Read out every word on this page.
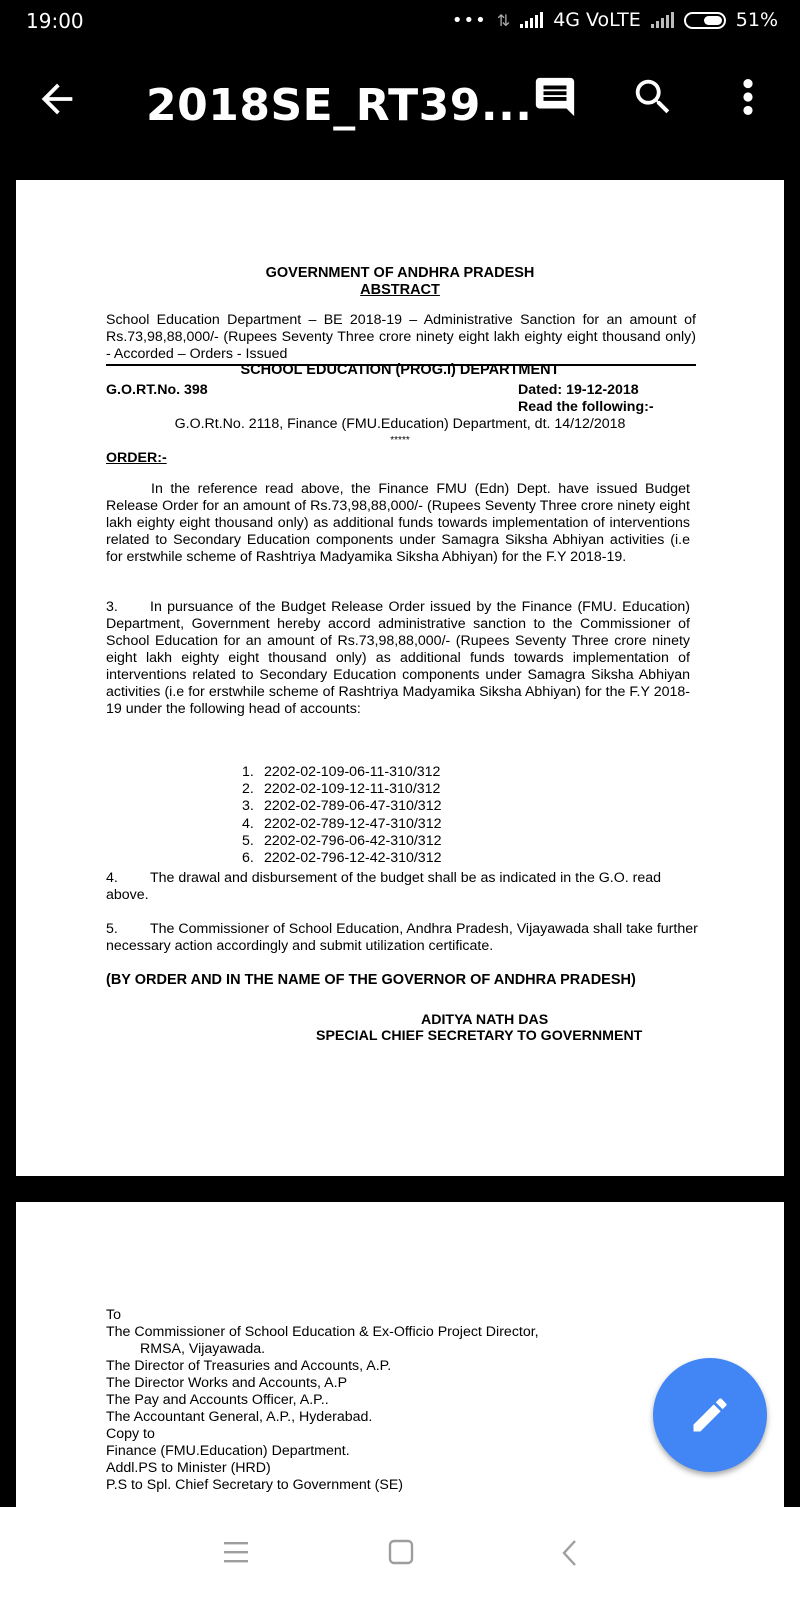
19:00	••• ⇅ 4G VoLTE	51%
2018SE_RT39...
GOVERNMENT OF ANDHRA PRADESH
ABSTRACT
School Education Department – BE 2018-19 – Administrative Sanction for an amount of Rs.73,98,88,000/- (Rupees Seventy Three crore ninety eight lakh eighty eight thousand only) - Accorded – Orders - Issued
SCHOOL EDUCATION (PROG.I) DEPARTMENT
G.O.RT.No. 398	Dated: 19-12-2018
Read the following:-
G.O.Rt.No. 2118, Finance (FMU.Education) Department, dt. 14/12/2018
*****
ORDER:-
In the reference read above, the Finance FMU (Edn) Dept. have issued Budget Release Order for an amount of Rs.73,98,88,000/- (Rupees Seventy Three crore ninety eight lakh eighty eight thousand only) as additional funds towards implementation of interventions related to Secondary Education components under Samagra Siksha Abhiyan activities (i.e for erstwhile scheme of Rashtriya Madyamika Siksha Abhiyan) for the F.Y 2018-19.
3. In pursuance of the Budget Release Order issued by the Finance (FMU. Education) Department, Government hereby accord administrative sanction to the Commissioner of School Education for an amount of Rs.73,98,88,000/- (Rupees Seventy Three crore ninety eight lakh eighty eight thousand only) as additional funds towards implementation of interventions related to Secondary Education components under Samagra Siksha Abhiyan activities (i.e for erstwhile scheme of Rashtriya Madyamika Siksha Abhiyan) for the F.Y 2018-19 under the following head of accounts:
1. 2202-02-109-06-11-310/312
2. 2202-02-109-12-11-310/312
3. 2202-02-789-06-47-310/312
4. 2202-02-789-12-47-310/312
5. 2202-02-796-06-42-310/312
6. 2202-02-796-12-42-310/312
4. The drawal and disbursement of the budget shall be as indicated in the G.O. read above.
5. The Commissioner of School Education, Andhra Pradesh, Vijayawada shall take further necessary action accordingly and submit utilization certificate.
(BY ORDER AND IN THE NAME OF THE GOVERNOR OF ANDHRA PRADESH)
ADITYA NATH DAS
SPECIAL CHIEF SECRETARY TO GOVERNMENT
To
The Commissioner of School Education & Ex-Officio Project Director,
RMSA, Vijayawada.
The Director of Treasuries and Accounts, A.P.
The Director Works and Accounts, A.P
The Pay and Accounts Officer, A.P..
The Accountant General, A.P., Hyderabad.
Copy to
Finance (FMU.Education) Department.
Addl.PS to Minister (HRD)
P.S to Spl. Chief Secretary to Government (SE)
